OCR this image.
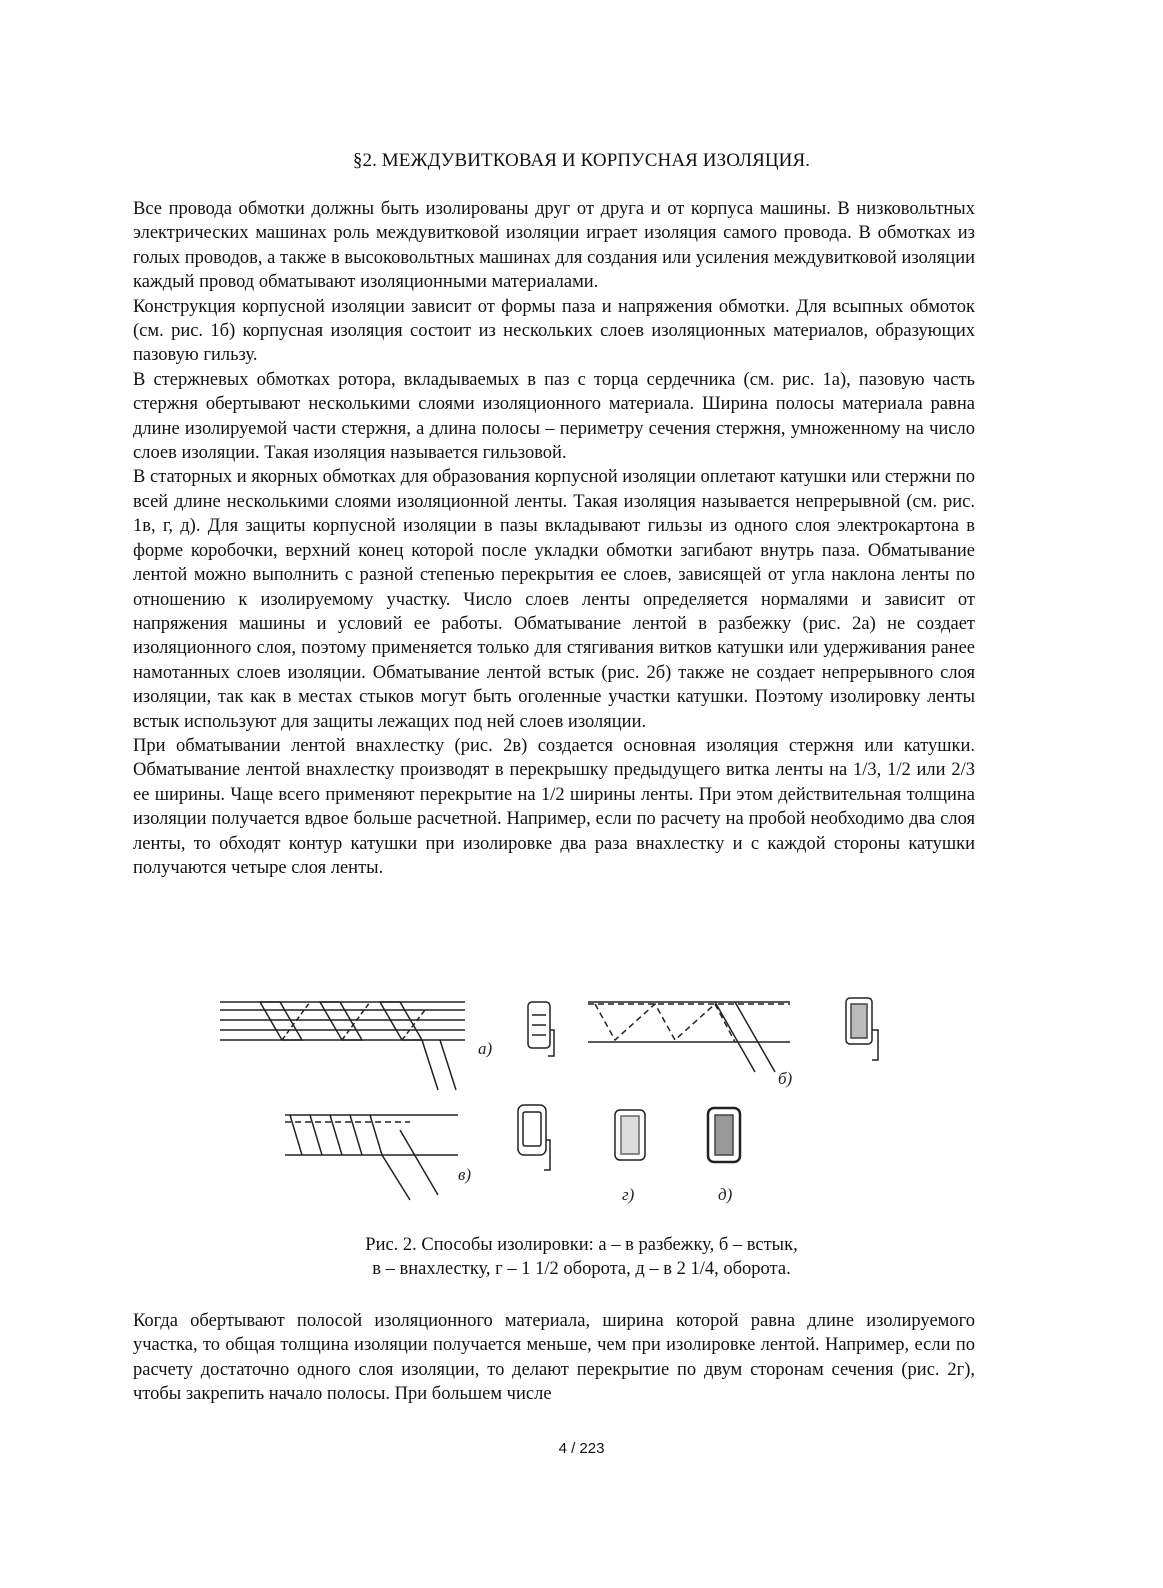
§2. МЕЖДУВИТКОВАЯ И КОРПУСНАЯ ИЗОЛЯЦИЯ.

Все провода обмотки должны быть изолированы друг от друга и от корпуса машины. В низковольтных электрических машинах роль междувитковой изоляции играет изоляция самого провода. В обмотках из голых проводов, а также в высоковольтных машинах для создания или усиления междувитковой изоляции каждый провод обматывают изоляционными материалами.

Конструкция корпусной изоляции зависит от формы паза и напряжения обмотки. Для всыпных обмоток (см. рис. 1б) корпусная изоляция состоит из нескольких слоев изоляционных материалов, образующих пазовую гильзу.

В стержневых обмотках ротора, вкладываемых в паз с торца сердечника (см. рис. 1а), пазовую часть стержня обертывают несколькими слоями изоляционного материала. Ширина полосы материала равна длине изолируемой части стержня, а длина полосы – периметру сечения стержня, умноженному на число слоев изоляции. Такая изоляция называется гильзовой.

В статорных и якорных обмотках для образования корпусной изоляции оплетают катушки или стержни по всей длине несколькими слоями изоляционной ленты. Такая изоляция называется непрерывной (см. рис. 1в, г, д). Для защиты корпусной изоляции в пазы вкладывают гильзы из одного слоя электрокартона в форме коробочки, верхний конец которой после укладки обмотки загибают внутрь паза. Обматывание лентой можно выполнить с разной степенью перекрытия ее слоев, зависящей от угла наклона ленты по отношению к изолируемому участку. Число слоев ленты определяется нормалями и зависит от напряжения машины и условий ее работы. Обматывание лентой в разбежку (рис. 2а) не создает изоляционного слоя, поэтому применяется только для стягивания витков катушки или удерживания ранее намотанных слоев изоляции. Обматывание лентой встык (рис. 2б) также не создает непрерывного слоя изоляции, так как в местах стыков могут быть оголенные участки катушки. Поэтому изолировку ленты встык используют для защиты лежащих под ней слоев изоляции.

При обматывании лентой внахлестку (рис. 2в) создается основная изоляция стержня или катушки. Обматывание лентой внахлестку производят в перекрышку предыдущего витка ленты на 1/3, 1/2 или 2/3 ее ширины. Чаще всего применяют перекрытие на 1/2 ширины ленты. При этом действительная толщина изоляции получается вдвое больше расчетной. Например, если по расчету на пробой необходимо два слоя ленты, то обходят контур катушки при изолировке два раза внахлестку и с каждой стороны катушки получаются четыре слоя ленты.

а)
б)
в)
г)	д)
Рис. 2. Способы изолировки: а – в разбежку, б – встык,
в – внахлестку, г – 1 1/2 оборота, д – в 2 1/4, оборота.

Когда обертывают полосой изоляционного материала, ширина которой равна длине изолируемого участка, то общая толщина изоляции получается меньше, чем при изолировке лентой. Например, если по расчету достаточно одного слоя изоляции, то делают перекрытие по двум сторонам сечения (рис. 2г), чтобы закрепить начало полосы. При большем числе

4 / 223
